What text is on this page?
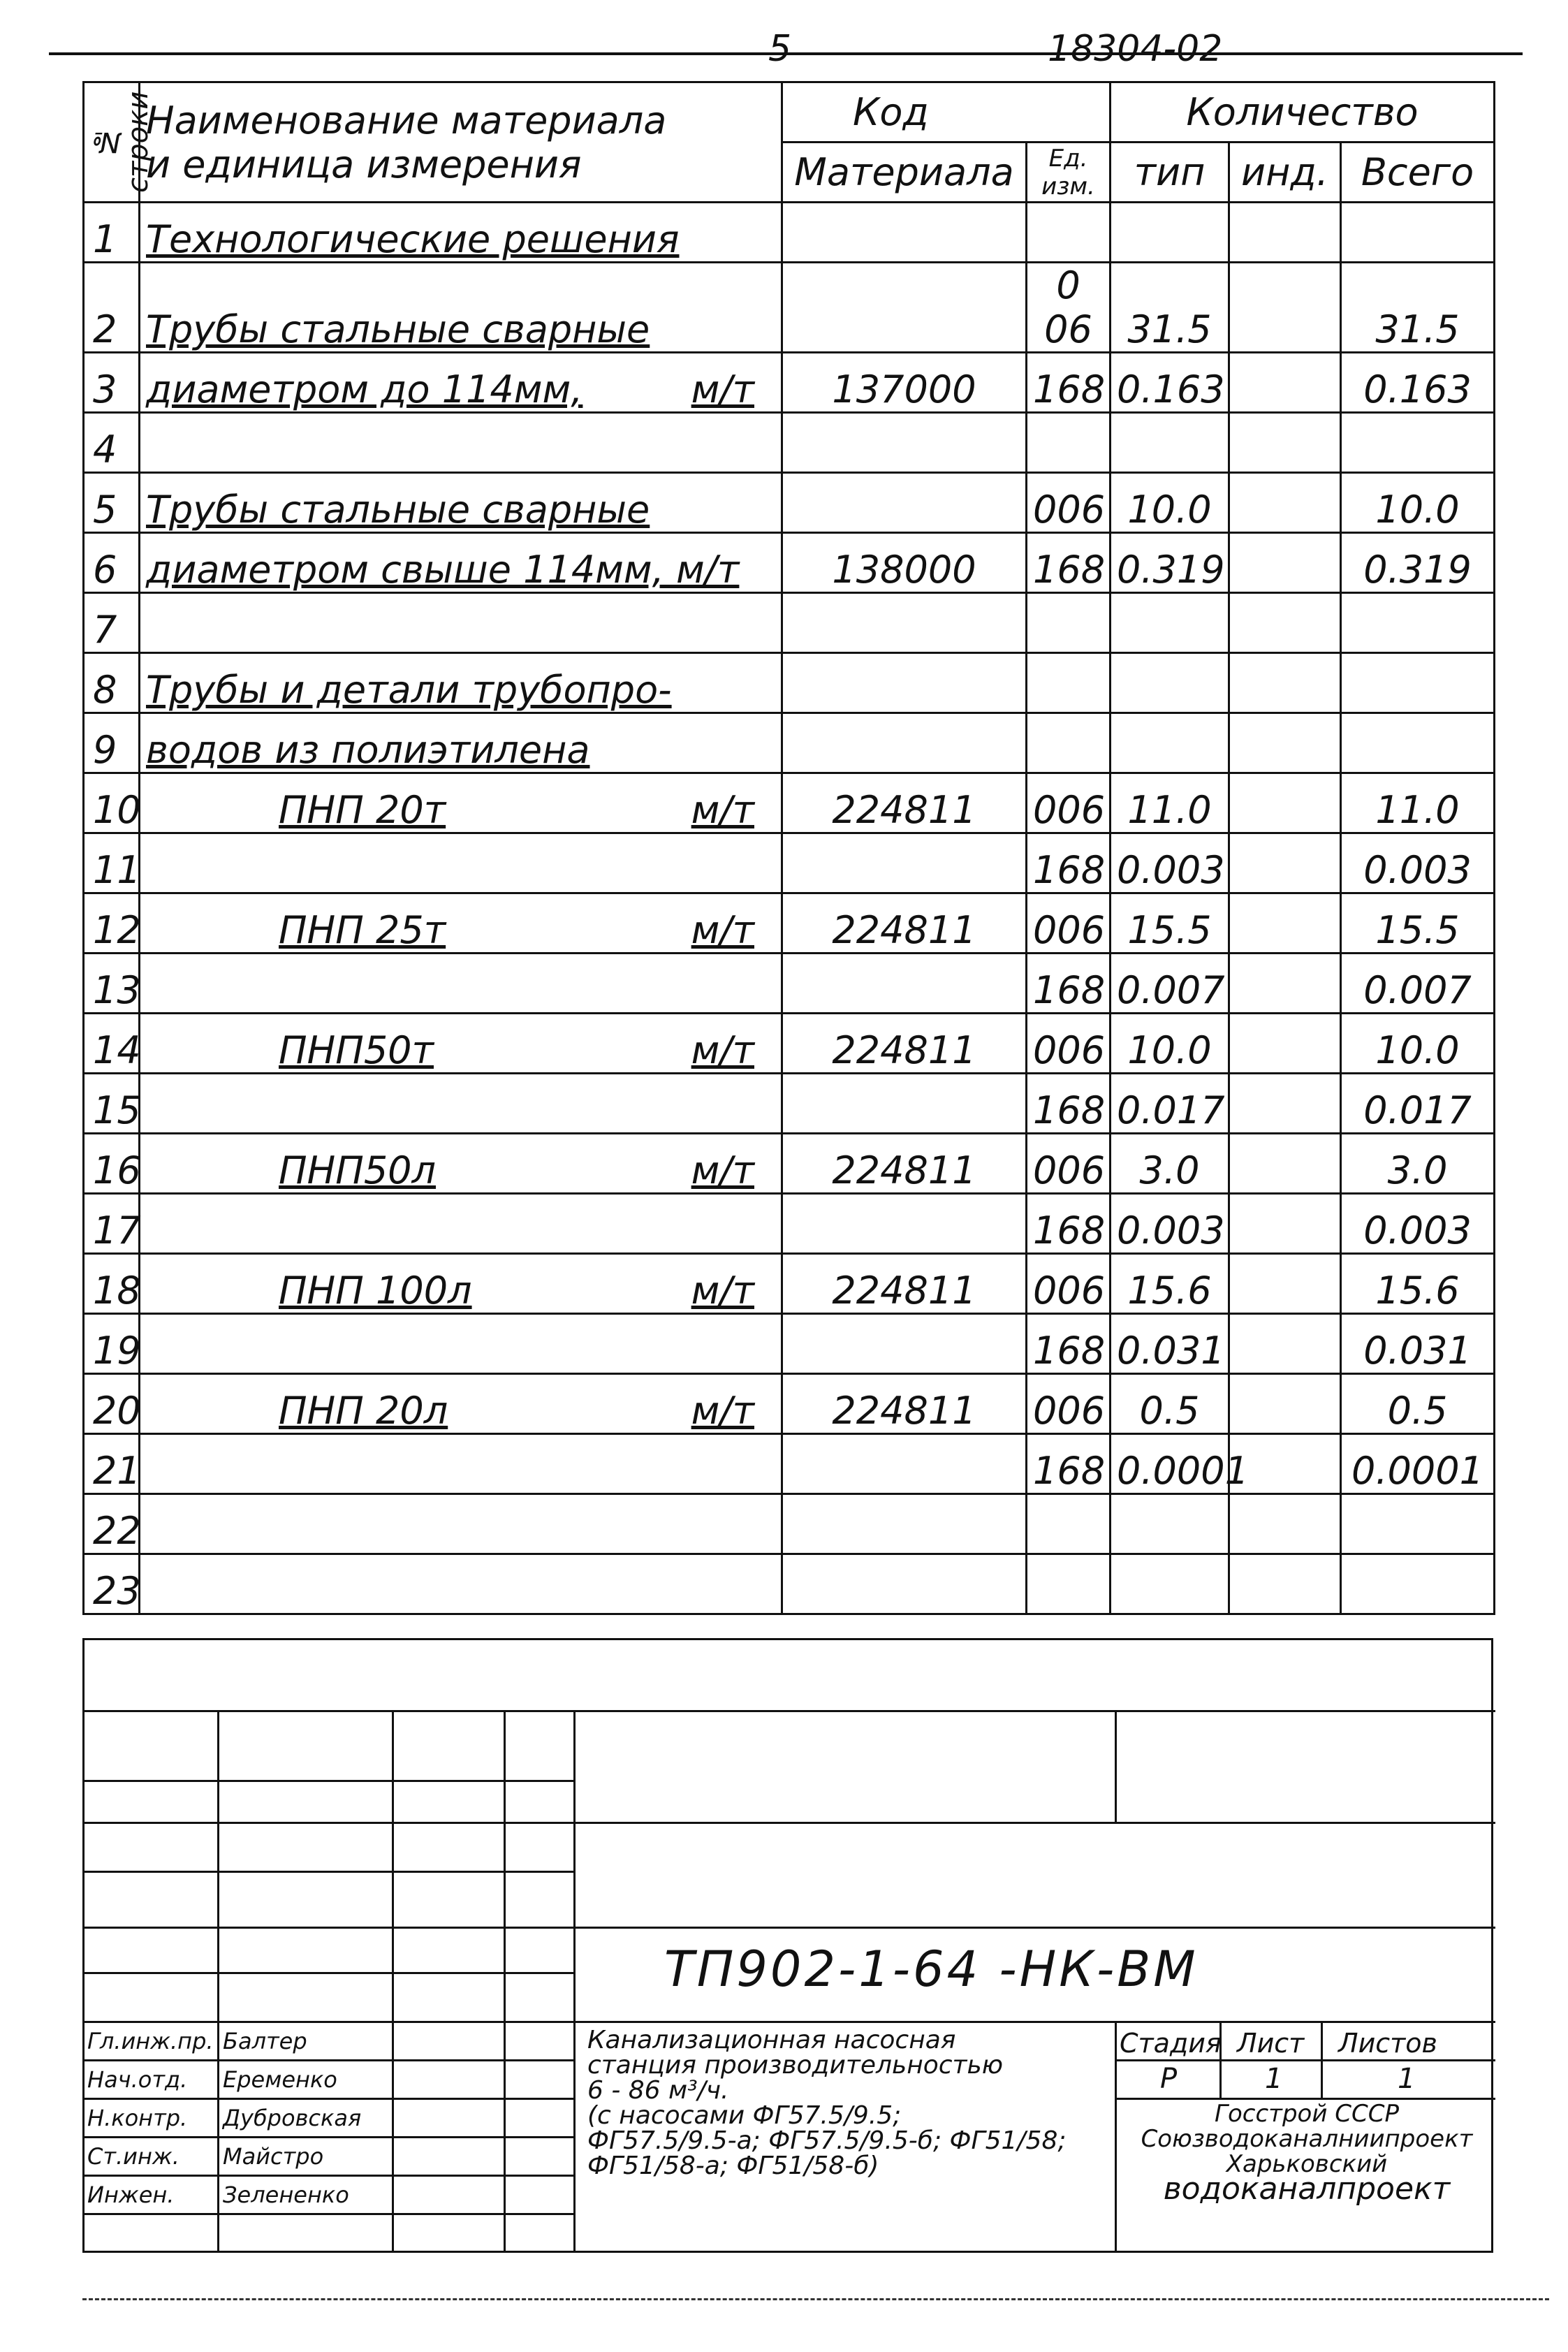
5	18304-02
№ строки	Наименование материала
и единица измерения	Код		Количество		
		Материала	Ед. изм.	тип	инд.	Всего
1	Технологические решения					
2	Трубы стальные сварные		0 06	31.5		31.5
3	диаметром до 114мм, м/т	137000	168	0.163		0.163
4						
5	Трубы стальные сварные		006	10.0		10.0
6	диаметром свыше 114мм, м/т	138000	168	0.319		0.319
7						
8	Трубы и детали трубопро-					
9	водов из полиэтилена					
10	ПНП 20т м/т	224811	006	11.0		11.0
11			168	0.003		0.003
12	ПНП 25т м/т	224811	006	15.5		15.5
13			168	0.007		0.007
14	ПНП50т м/т	224811	006	10.0		10.0
15			168	0.017		0.017
16	ПНП50л м/т	224811	006	3.0		3.0
17			168	0.003		0.003
18	ПНП 100л м/т	224811	006	15.6		15.6
19			168	0.031		0.031
20	ПНП 20л м/т	224811	006	0.5		0.5
21			168	0.0001		0.0001
22						
23						
ТП902-1-64 -НК-ВМ
Гл.инж.пр. Балтер
Нач.отд. Еременко
Н.контр. Дубровская
Ст.инж. Майстро
Инжен. Зелененко
Канализационная насосная
станция производительностью
6 - 86 м³/ч.
(с насосами ФГ57.5/9.5;
ФГ57.5/9.5-а; ФГ57.5/9.5-б; ФГ51/58;
ФГ51/58-а; ФГ51/58-б)
Стадия Лист Листов
Р	1	1
Госстрой СССР
Союзводоканалниипроект
Харьковский
водоканалпроект
